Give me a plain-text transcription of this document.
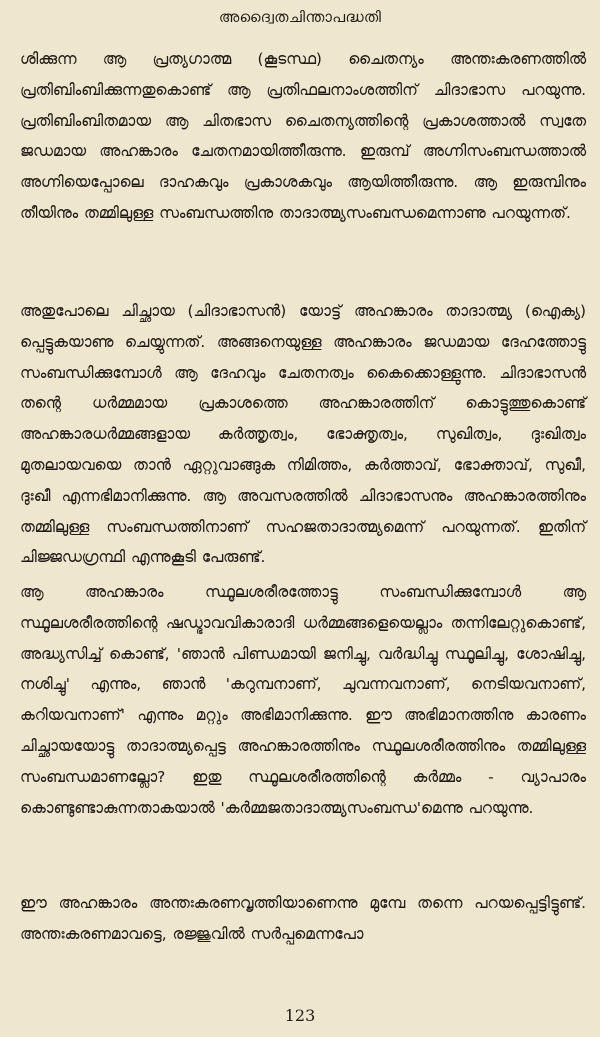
അദ്വൈതചിന്താപദ്ധതി

ശിക്കുന്ന ആ പ്രത്യഗാത്മ (കൂടസ്ഥ) ചൈതന്യം അന്തഃകരണത്തിൽ പ്രതിബിംബിക്കുന്നതുകൊണ്ട് ആ പ്രതിഫലനാംശത്തിന് ചിദാഭാസ പറയുന്നു. പ്രതിബിംബിതമായ ആ ചിതഭാസ ചൈതന്യത്തിന്റെ പ്രകാശത്താൽ സ്വതേ ജഡമായ അഹങ്കാരം ചേതനമായിത്തീരുന്നു. ഇരുമ്പ് അഗ്നിസംബന്ധത്താൽ അഗ്നിയെപ്പോലെ ദാഹകവും പ്രകാശകവും ആയിത്തീരുന്നു. ആ ഇരുമ്പിനും തീയിനും തമ്മിലുള്ള സംബന്ധത്തിനു താദാത്മ്യസംബന്ധമെന്നാണു പറയുന്നത്.

അതുപോലെ ചിച്ഛായ (ചിദാഭാസൻ) യോട്ട് അഹങ്കാരം താദാത്മ്യ (ഐക്യ) പ്പെട്ടുകയാണു ചെയ്യുന്നത്. അങ്ങനെയുള്ള അഹങ്കാരം ജഡമായ ദേഹത്തോട്ടു സംബന്ധിക്കുമ്പോൾ ആ ദേഹവും ചേതനത്വം കൈക്കൊള്ളുന്നു. ചിദാഭാസൻ തന്റെ ധർമ്മമായ പ്രകാശത്തെ അഹങ്കാരത്തിന് കൊട്ടുത്തുകൊണ്ട് അഹങ്കാരധർമ്മങ്ങളായ കർത്തൃത്വം, ഭോക്തൃത്വം, സുഖിത്വം, ദുഃഖിത്വം മുതലായവയെ താൻ ഏറ്റുവാങ്ങുക നിമിത്തം, കർത്താവ്, ഭോക്താവ്, സുഖീ, ദുഃഖീ എന്നഭിമാനിക്കുന്നു. ആ അവസരത്തിൽ ചിദാഭാസനും അഹങ്കാരത്തിനും തമ്മിലുള്ള സംബന്ധത്തിനാണ് സഹജതാദാത്മ്യമെന്ന് പറയുന്നത്. ഇതിന് ചിജ്ജഡഗ്രന്ഥി എന്നുകൂടി പേരുണ്ട്.

ആ അഹങ്കാരം സ്ഥൂലശരീരത്തോട്ടു സംബന്ധിക്കുമ്പോൾ ആ സ്ഥൂലശരീരത്തിന്റെ ഷഡ്ഭാവവികാരാദി ധർമ്മങ്ങളെയെല്ലാം തന്നിലേറ്റുകൊണ്ട്, അദ്ധ്യസിച്ച് കൊണ്ട്, 'ഞാൻ പിണ്ഡമായി ജനിച്ചു, വർദ്ധിച്ചു സ്ഥൂലിച്ചു, ശോഷിച്ചു, നശിച്ചു' എന്നും, ഞാൻ 'കറുമ്പനാണ്, ചുവന്നവനാണ്, നെടിയവനാണ്, കറിയവനാണ്' എന്നും മറ്റും അഭിമാനിക്കുന്നു. ഈ അഭിമാനത്തിനു കാരണം ചിച്ഛായയോട്ടു താദാത്മ്യപ്പെട്ട അഹങ്കാരത്തിനും സ്ഥൂലശരീരത്തിനും തമ്മിലുള്ള സംബന്ധമാണല്ലോ? ഇതു സ്ഥൂലശരീരത്തിന്റെ കർമ്മം - വ്യാപാരം കൊണ്ടുണ്ടാകുന്നതാകയാൽ 'കർമ്മജതാദാത്മ്യസംബന്ധ'മെന്നു പറയുന്നു.

ഈ അഹങ്കാരം അന്തഃകരണവൃത്തിയാണെന്നു മുമ്പേ തന്നെ പറയപ്പെട്ടിട്ടുണ്ട്. അന്തഃകരണമാവട്ടെ, രജ്ജുവിൽ സർപ്പമെന്നപോ

123
